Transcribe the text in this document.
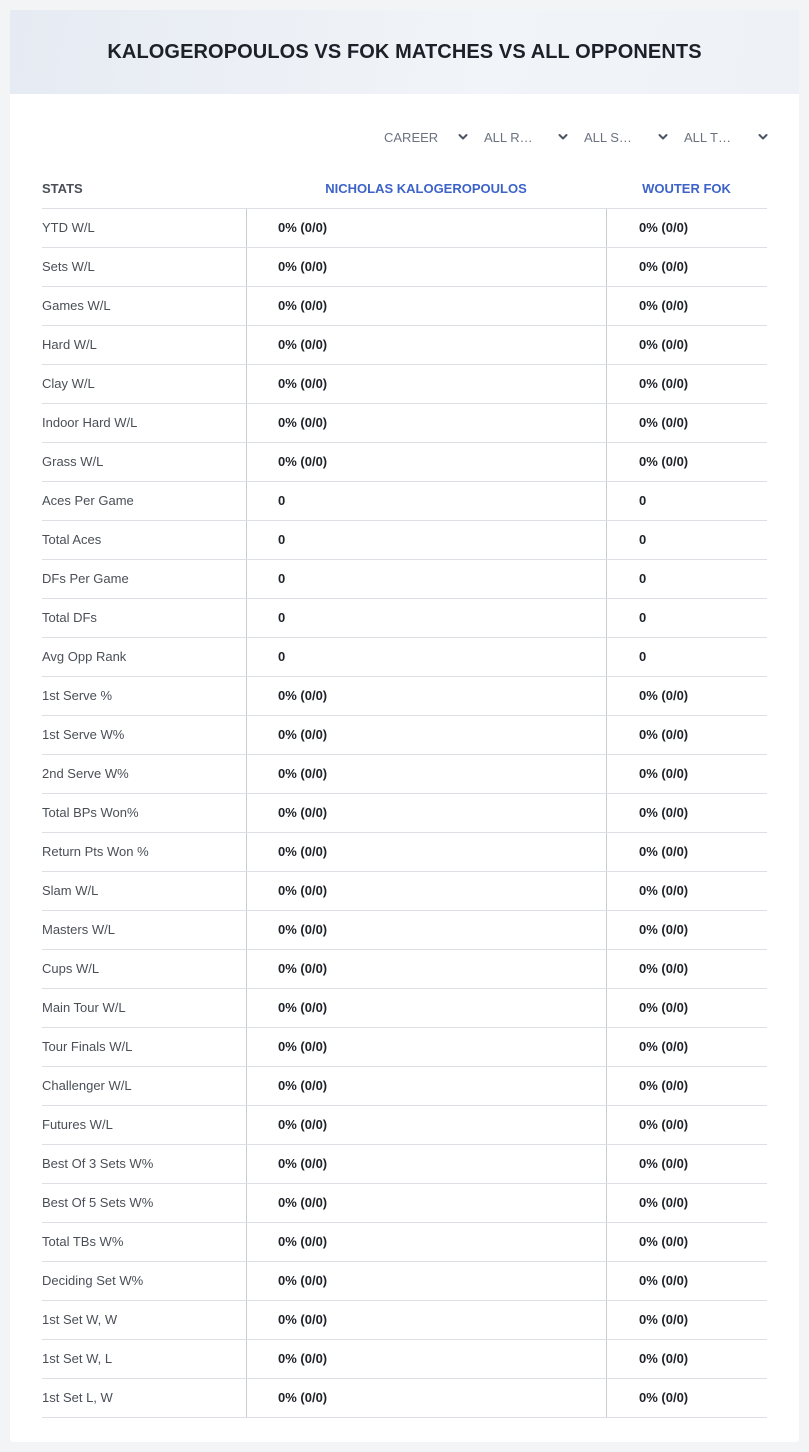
KALOGEROPOULOS VS FOK MATCHES VS ALL OPPONENTS
CAREER	ALL R…	ALL S…	ALL T…
STATS	NICHOLAS KALOGEROPOULOS	WOUTER FOK
YTD W/L	0% (0/0)	0% (0/0)
Sets W/L	0% (0/0)	0% (0/0)
Games W/L	0% (0/0)	0% (0/0)
Hard W/L	0% (0/0)	0% (0/0)
Clay W/L	0% (0/0)	0% (0/0)
Indoor Hard W/L	0% (0/0)	0% (0/0)
Grass W/L	0% (0/0)	0% (0/0)
Aces Per Game	0	0
Total Aces	0	0
DFs Per Game	0	0
Total DFs	0	0
Avg Opp Rank	0	0
1st Serve %	0% (0/0)	0% (0/0)
1st Serve W%	0% (0/0)	0% (0/0)
2nd Serve W%	0% (0/0)	0% (0/0)
Total BPs Won%	0% (0/0)	0% (0/0)
Return Pts Won %	0% (0/0)	0% (0/0)
Slam W/L	0% (0/0)	0% (0/0)
Masters W/L	0% (0/0)	0% (0/0)
Cups W/L	0% (0/0)	0% (0/0)
Main Tour W/L	0% (0/0)	0% (0/0)
Tour Finals W/L	0% (0/0)	0% (0/0)
Challenger W/L	0% (0/0)	0% (0/0)
Futures W/L	0% (0/0)	0% (0/0)
Best Of 3 Sets W%	0% (0/0)	0% (0/0)
Best Of 5 Sets W%	0% (0/0)	0% (0/0)
Total TBs W%	0% (0/0)	0% (0/0)
Deciding Set W%	0% (0/0)	0% (0/0)
1st Set W, W	0% (0/0)	0% (0/0)
1st Set W, L	0% (0/0)	0% (0/0)
1st Set L, W	0% (0/0)	0% (0/0)
